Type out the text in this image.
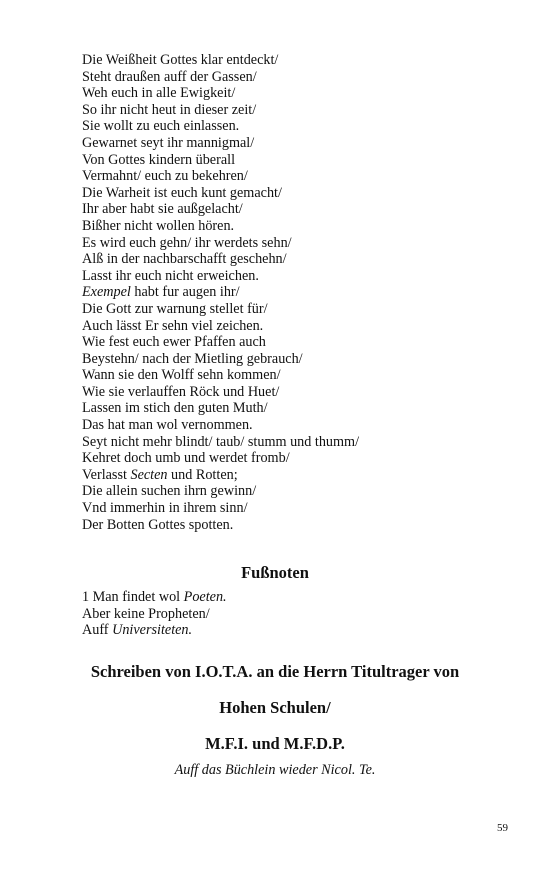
Die Weißheit Gottes klar entdeckt/
Steht draußen auff der Gassen/
Weh euch in alle Ewigkeit/
So ihr nicht heut in dieser zeit/
Sie wollt zu euch einlassen.
Gewarnet seyt ihr mannigmal/
Von Gottes kindern überall
Vermahnt/ euch zu bekehren/
Die Warheit ist euch kunt gemacht/
Ihr aber habt sie außgelacht/
Bißher nicht wollen hören.
Es wird euch gehn/ ihr werdets sehn/
Alß in der nachbarschafft geschehn/
Lasst ihr euch nicht erweichen.
Exempel habt fur augen ihr/
Die Gott zur warnung stellet für/
Auch lässt Er sehn viel zeichen.
Wie fest euch ewer Pfaffen auch
Beystehn/ nach der Mietling gebrauch/
Wann sie den Wolff sehn kommen/
Wie sie verlauffen Röck und Huet/
Lassen im stich den guten Muth/
Das hat man wol vernommen.
Seyt nicht mehr blindt/ taub/ stumm und thumm/
Kehret doch umb und werdet fromb/
Verlasst Secten und Rotten;
Die allein suchen ihrn gewinn/
Vnd immerhin in ihrem sinn/
Der Botten Gottes spotten.
Fußnoten
1 Man findet wol Poeten.
Aber keine Propheten/
Auff Universiteten.
Schreiben von I.O.T.A. an die Herrn Titultrager von
Hohen Schulen/
M.F.I. und M.F.D.P.
Auff das Büchlein wieder Nicol. Te.
59
